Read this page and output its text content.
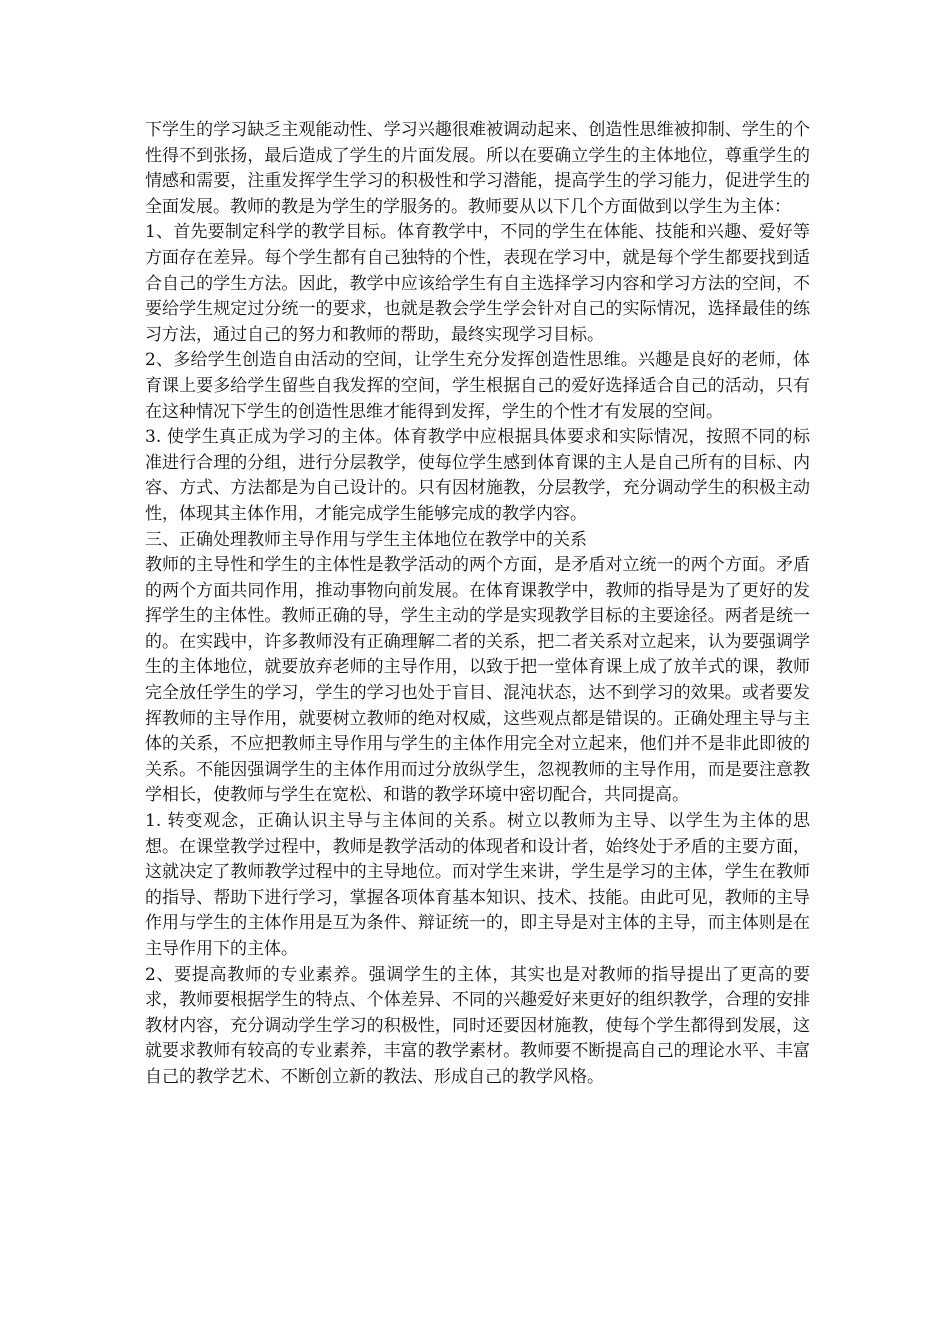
下学生的学习缺乏主观能动性、学习兴趣很难被调动起来、创造性思维被抑制、学生的个性得不到张扬，最后造成了学生的片面发展。所以在要确立学生的主体地位，尊重学生的情感和需要，注重发挥学生学习的积极性和学习潜能，提高学生的学习能力，促进学生的全面发展。教师的教是为学生的学服务的。教师要从以下几个方面做到以学生为主体：

1、首先要制定科学的教学目标。体育教学中，不同的学生在体能、技能和兴趣、爱好等方面存在差异。每个学生都有自己独特的个性，表现在学习中，就是每个学生都要找到适合自己的学生方法。因此，教学中应该给学生有自主选择学习内容和学习方法的空间，不要给学生规定过分统一的要求，也就是教会学生学会针对自己的实际情况，选择最佳的练习方法，通过自己的努力和教师的帮助，最终实现学习目标。

2、多给学生创造自由活动的空间，让学生充分发挥创造性思维。兴趣是良好的老师，体育课上要多给学生留些自我发挥的空间，学生根据自己的爱好选择适合自己的活动，只有在这种情况下学生的创造性思维才能得到发挥，学生的个性才有发展的空间。

3. 使学生真正成为学习的主体。体育教学中应根据具体要求和实际情况，按照不同的标准进行合理的分组，进行分层教学，使每位学生感到体育课的主人是自己所有的目标、内容、方式、方法都是为自己设计的。只有因材施教，分层教学，充分调动学生的积极主动性，体现其主体作用，才能完成学生能够完成的教学内容。

三、正确处理教师主导作用与学生主体地位在教学中的关系

教师的主导性和学生的主体性是教学活动的两个方面，是矛盾对立统一的两个方面。矛盾的两个方面共同作用，推动事物向前发展。在体育课教学中，教师的指导是为了更好的发挥学生的主体性。教师正确的导，学生主动的学是实现教学目标的主要途径。两者是统一的。在实践中，许多教师没有正确理解二者的关系，把二者关系对立起来，认为要强调学生的主体地位，就要放弃老师的主导作用，以致于把一堂体育课上成了放羊式的课，教师完全放任学生的学习，学生的学习也处于盲目、混沌状态，达不到学习的效果。或者要发挥教师的主导作用，就要树立教师的绝对权威，这些观点都是错误的。正确处理主导与主体的关系，不应把教师主导作用与学生的主体作用完全对立起来，他们并不是非此即彼的关系。不能因强调学生的主体作用而过分放纵学生，忽视教师的主导作用，而是要注意教学相长，使教师与学生在宽松、和谐的教学环境中密切配合，共同提高。

1. 转变观念，正确认识主导与主体间的关系。树立以教师为主导、以学生为主体的思想。在课堂教学过程中，教师是教学活动的体现者和设计者，始终处于矛盾的主要方面，这就决定了教师教学过程中的主导地位。而对学生来讲，学生是学习的主体，学生在教师的指导、帮助下进行学习，掌握各项体育基本知识、技术、技能。由此可见，教师的主导作用与学生的主体作用是互为条件、辩证统一的，即主导是对主体的主导，而主体则是在主导作用下的主体。

2、要提高教师的专业素养。强调学生的主体，其实也是对教师的指导提出了更高的要求，教师要根据学生的特点、个体差异、不同的兴趣爱好来更好的组织教学，合理的安排教材内容，充分调动学生学习的积极性，同时还要因材施教，使每个学生都得到发展，这就要求教师有较高的专业素养，丰富的教学素材。教师要不断提高自己的理论水平、丰富自己的教学艺术、不断创立新的教法、形成自己的教学风格。
